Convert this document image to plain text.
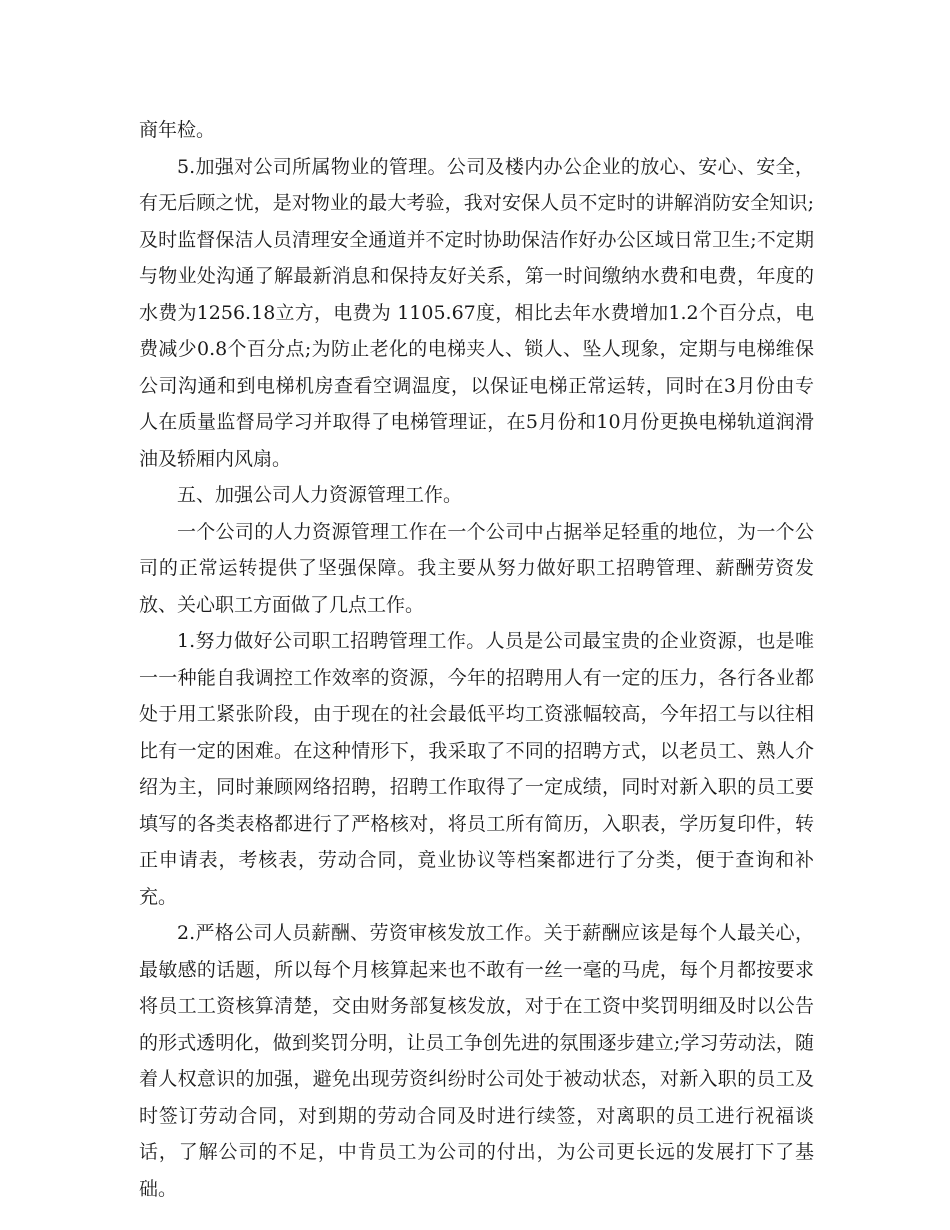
商年检。

5.加强对公司所属物业的管理。公司及楼内办公企业的放心、安心、安全，有无后顾之忧，是对物业的最大考验，我对安保人员不定时的讲解消防安全知识;及时监督保洁人员清理安全通道并不定时协助保洁作好办公区域日常卫生;不定期与物业处沟通了解最新消息和保持友好关系，第一时间缴纳水费和电费，年度的水费为1256.18立方，电费为 1105.67度，相比去年水费增加1.2个百分点，电费减少0.8个百分点;为防止老化的电梯夹人、锁人、坠人现象，定期与电梯维保公司沟通和到电梯机房查看空调温度，以保证电梯正常运转，同时在3月份由专人在质量监督局学习并取得了电梯管理证，在5月份和10月份更换电梯轨道润滑油及轿厢内风扇。

五、加强公司人力资源管理工作。

一个公司的人力资源管理工作在一个公司中占据举足轻重的地位，为一个公司的正常运转提供了坚强保障。我主要从努力做好职工招聘管理、薪酬劳资发放、关心职工方面做了几点工作。

1.努力做好公司职工招聘管理工作。人员是公司最宝贵的企业资源，也是唯一一种能自我调控工作效率的资源，今年的招聘用人有一定的压力，各行各业都处于用工紧张阶段，由于现在的社会最低平均工资涨幅较高，今年招工与以往相比有一定的困难。在这种情形下，我采取了不同的招聘方式，以老员工、熟人介绍为主，同时兼顾网络招聘，招聘工作取得了一定成绩，同时对新入职的员工要填写的各类表格都进行了严格核对，将员工所有简历，入职表，学历复印件，转正申请表，考核表，劳动合同，竟业协议等档案都进行了分类，便于查询和补充。

2.严格公司人员薪酬、劳资审核发放工作。关于薪酬应该是每个人最关心，最敏感的话题，所以每个月核算起来也不敢有一丝一毫的马虎，每个月都按要求将员工工资核算清楚，交由财务部复核发放，对于在工资中奖罚明细及时以公告的形式透明化，做到奖罚分明，让员工争创先进的氛围逐步建立;学习劳动法，随着人权意识的加强，避免出现劳资纠纷时公司处于被动状态，对新入职的员工及时签订劳动合同，对到期的劳动合同及时进行续签，对离职的员工进行祝福谈话，了解公司的不足，中肯员工为公司的付出，为公司更长远的发展打下了基础。
